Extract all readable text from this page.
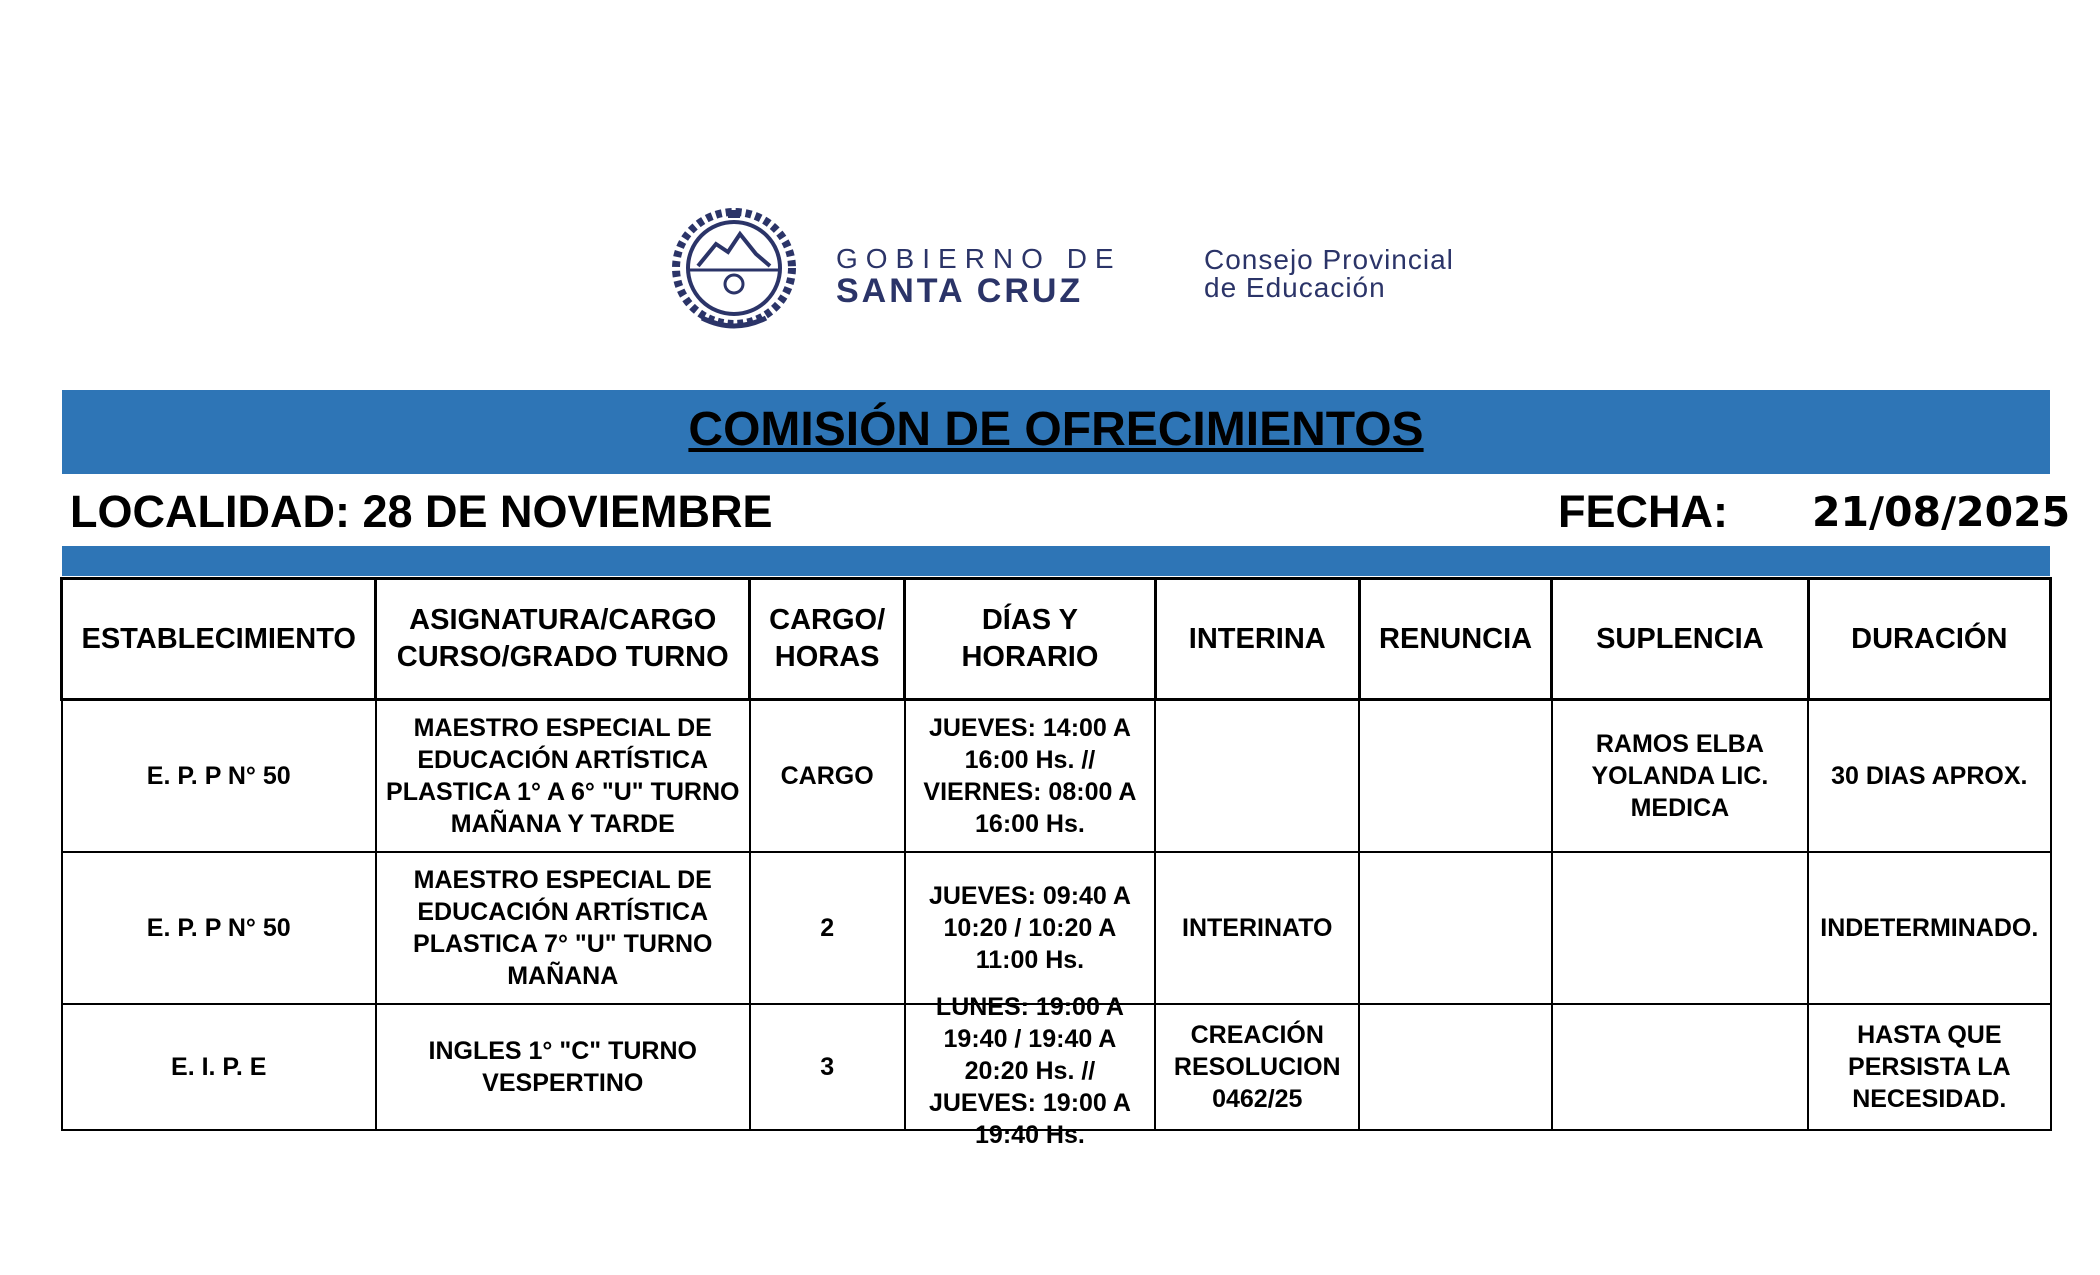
GOBIERNO DE
SANTA CRUZ
Consejo Provincial
de Educación
COMISIÓN DE OFRECIMIENTOS
LOCALIDAD: 28 DE NOVIEMBRE	FECHA: 21/08/2025
ESTABLECIMIENTO	ASIGNATURA/CARGO CURSO/GRADO TURNO	CARGO/ HORAS	DÍAS Y HORARIO	INTERINA	RENUNCIA	SUPLENCIA	DURACIÓN
E. P. P N° 50	MAESTRO ESPECIAL DE EDUCACIÓN ARTÍSTICA PLASTICA 1° A 6° "U" TURNO MAÑANA Y TARDE	CARGO	JUEVES: 14:00 A 16:00 Hs. // VIERNES: 08:00 A 16:00 Hs.			RAMOS ELBA YOLANDA LIC. MEDICA	30 DIAS APROX.
E. P. P N° 50	MAESTRO ESPECIAL DE EDUCACIÓN ARTÍSTICA PLASTICA 7° "U" TURNO MAÑANA	2	JUEVES: 09:40 A 10:20 / 10:20 A 11:00 Hs.	INTERINATO			INDETERMINADO.
E. I. P. E	INGLES 1° "C" TURNO VESPERTINO	3	LUNES: 19:00 A 19:40 / 19:40 A 20:20 Hs. // JUEVES: 19:00 A 19:40 Hs.	CREACIÓN RESOLUCION 0462/25			HASTA QUE PERSISTA LA NECESIDAD.
